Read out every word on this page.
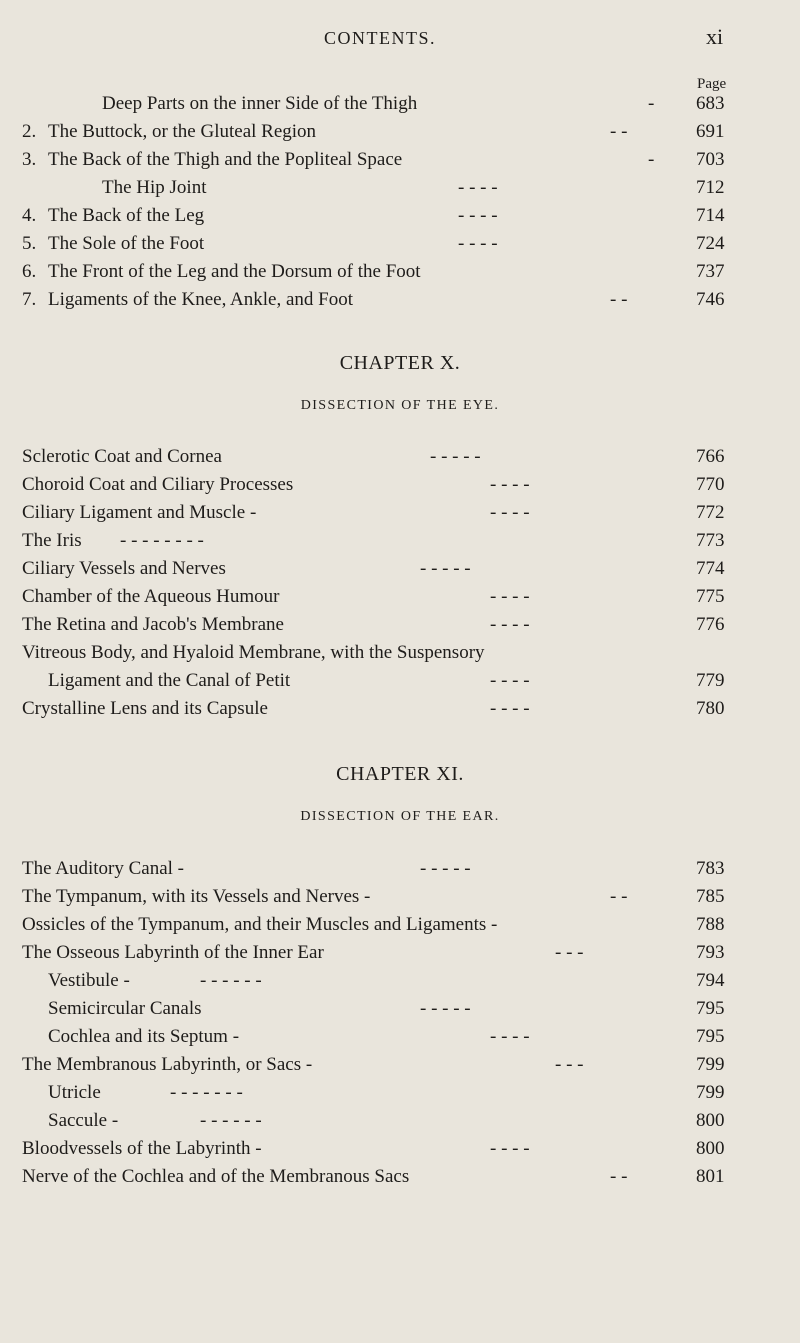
CONTENTS.	xi
Page
Deep Parts on the inner Side of the Thigh	- 683
2. The Buttock, or the Gluteal Region	- -	691
3. The Back of the Thigh and the Popliteal Space	- 703
The Hip Joint	- - - -	712
4. The Back of the Leg	- - - -	714
5. The Sole of the Foot	- - - -	724
6. The Front of the Leg and the Dorsum of the Foot	737
7. Ligaments of the Knee, Ankle, and Foot	- -	746
CHAPTER X.
DISSECTION OF THE EYE.
Sclerotic Coat and Cornea	- - - - -	766
Choroid Coat and Ciliary Processes	- - - -	770
Ciliary Ligament and Muscle -	- - - -	772
The Iris - - - - - - - -	773
Ciliary Vessels and Nerves	- - - - -	774
Chamber of the Aqueous Humour	- - - -	775
The Retina and Jacob's Membrane	- - - -	776
Vitreous Body, and Hyaloid Membrane, with the Suspensory
Ligament and the Canal of Petit	- - - -	779
Crystalline Lens and its Capsule	- - - -	780
CHAPTER XI.
DISSECTION OF THE EAR.
The Auditory Canal -	- - - - -	783
The Tympanum, with its Vessels and Nerves -	- -	785
Ossicles of the Tympanum, and their Muscles and Ligaments -	788
The Osseous Labyrinth of the Inner Ear	- - -	793
Vestibule -	- - - - - -	794
Semicircular Canals	- - - - -	795
Cochlea and its Septum -	- - - -	795
The Membranous Labyrinth, or Sacs -	- - -	799
Utricle	- - - - - - -	799
Saccule -	- - - - - -	800
Bloodvessels of the Labyrinth -	- - - -	800
Nerve of the Cochlea and of the Membranous Sacs	- -	801
